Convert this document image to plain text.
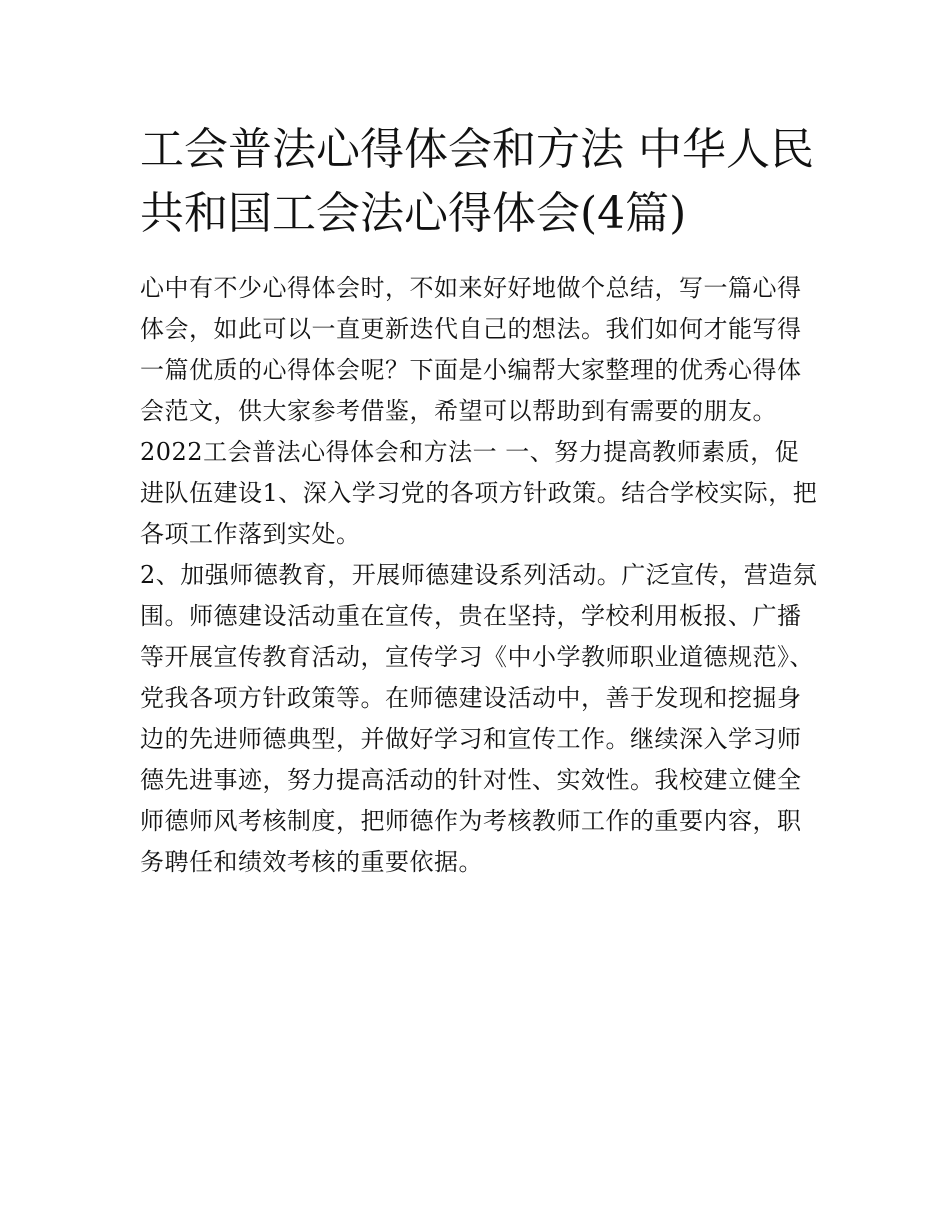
工会普法心得体会和方法 中华人民共和国工会法心得体会(4篇)

心中有不少心得体会时，不如来好好地做个总结，写一篇心得体会，如此可以一直更新迭代自己的想法。我们如何才能写得一篇优质的心得体会呢？下面是小编帮大家整理的优秀心得体会范文，供大家参考借鉴，希望可以帮助到有需要的朋友。

2022工会普法心得体会和方法一 一、努力提高教师素质，促进队伍建设1、深入学习党的各项方针政策。结合学校实际，把各项工作落到实处。

2、加强师德教育，开展师德建设系列活动。广泛宣传，营造氛围。师德建设活动重在宣传，贵在坚持，学校利用板报、广播等开展宣传教育活动，宣传学习《中小学教师职业道德规范》、党我各项方针政策等。在师德建设活动中，善于发现和挖掘身边的先进师德典型，并做好学习和宣传工作。继续深入学习师德先进事迹，努力提高活动的针对性、实效性。我校建立健全师德师风考核制度，把师德作为考核教师工作的重要内容，职务聘任和绩效考核的重要依据。
